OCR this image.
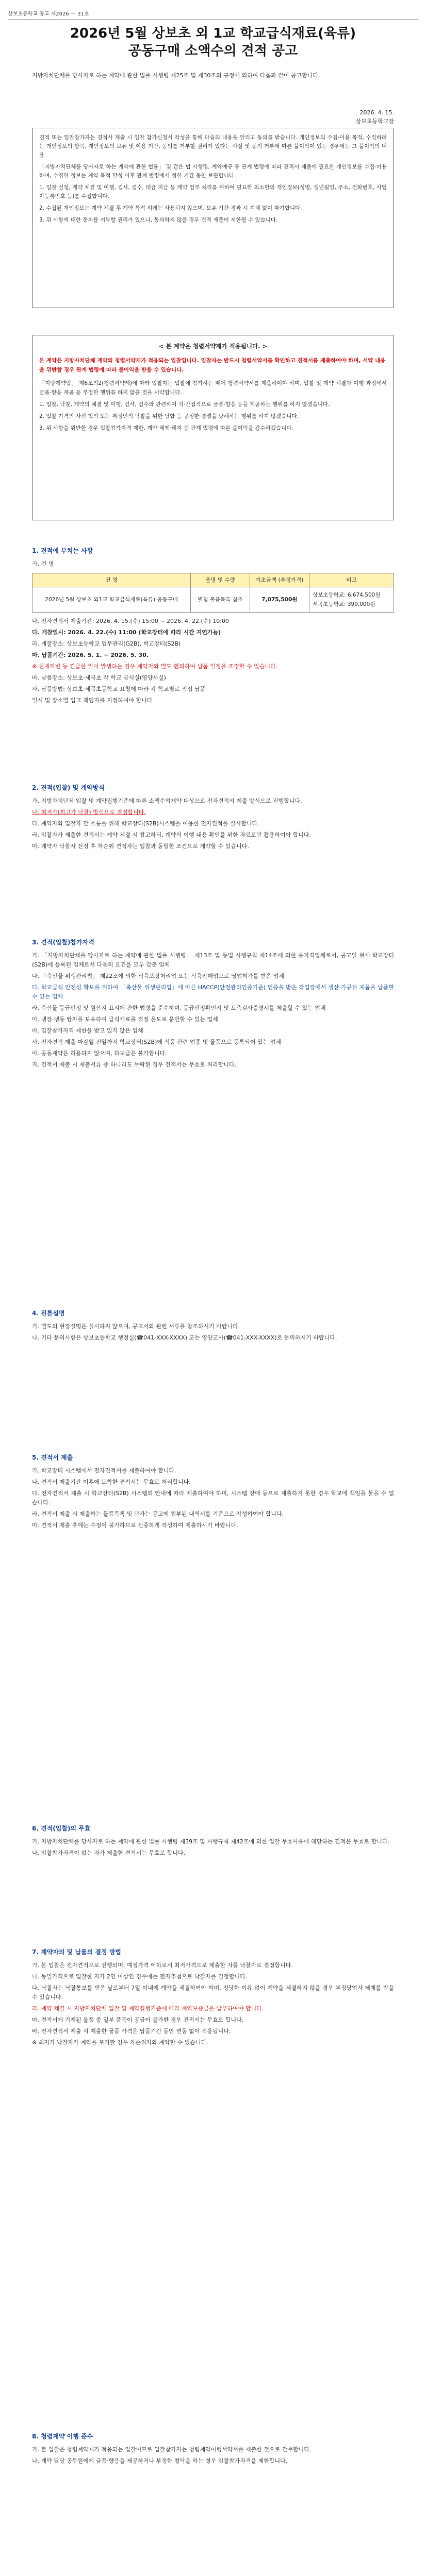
상보초등학교 공고 제2026 － 31호
2026년 5월 상보초 외 1교 학교급식재료(육류)
공동구매 소액수의 견적 공고
지방자치단체를 당사자로 하는 계약에 관한 법률 시행령 제25조 및 제30조의 규정에 의하여 다음과 같이 공고합니다.
2026. 4. 15.
상보초등학교장

견적 또는 입찰참가자는 견적서 제출 시 입찰 참가신청서 작성을 통해 다음의 내용을 알리고 동의를 받습니다. 개인정보의 수집·이용 목적, 수집하려는 개인정보의 항목, 개인정보의 보유 및 이용 기간, 동의를 거부할 권리가 있다는 사실 및 동의 거부에 따른 불이익이 있는 경우에는 그 불이익의 내용

「지방자치단체를 당사자로 하는 계약에 관한 법률」 및 같은 법 시행령, 계약예규 등 관계 법령에 따라 견적서 제출에 필요한 개인정보를 수집·이용하며, 수집한 정보는 계약 목적 달성 이후 관계 법령에서 정한 기간 동안 보관합니다.

1. 입찰 신청, 계약 체결 및 이행, 검사, 검수, 대금 지급 등 계약 업무 처리를 위하여 필요한 최소한의 개인정보(성명, 생년월일, 주소, 전화번호, 사업자등록번호 등)를 수집합니다.

2. 수집된 개인정보는 계약 체결 후 계약 목적 외에는 사용되지 않으며, 보유 기간 경과 시 지체 없이 파기합니다.

3. 위 사항에 대한 동의를 거부할 권리가 있으나, 동의하지 않을 경우 견적 제출이 제한될 수 있습니다.

< 본 계약은 청렴서약제가 적용됩니다. >
본 계약은 지방자치단체 계약의 청렴서약제가 적용되는 입찰입니다. 입찰자는 반드시 청렴서약서를 확인하고 견적서를 제출하여야 하며, 서약 내용을 위반할 경우 관계 법령에 따라 불이익을 받을 수 있습니다.

「지방계약법」 제6조의2(청렴서약제)에 따라 입찰자는 입찰에 참가하는 때에 청렴서약서를 제출하여야 하며, 입찰 및 계약 체결과 이행 과정에서 금품·향응 제공 등 부정한 행위를 하지 않을 것을 서약합니다.

1. 입찰, 낙찰, 계약의 체결 및 이행, 검사, 검수와 관련하여 직·간접적으로 금품·향응 등을 제공하는 행위를 하지 않겠습니다.

2. 입찰 가격의 사전 협의 또는 특정인의 낙찰을 위한 담합 등 공정한 경쟁을 방해하는 행위를 하지 않겠습니다.

3. 위 사항을 위반한 경우 입찰참가자격 제한, 계약 해제·해지 등 관계 법령에 따른 불이익을 감수하겠습니다.

1. 견적에 부치는 사항

가. 건 명

건 명	품명 및 수량	기초금액 (추정가격)	비고
2026년 5월 상보초 외1교 학교급식재료(육류) 공동구매	별첨 물품목록 참조	7,075,500원	상보초등학교: 6,674,500원
세곡초등학교: 399,000원

나. 전자견적서 제출기간: 2026. 4. 15.(수) 15:00 ~ 2026. 4. 22.(수) 10:00

다. 개찰일시: 2026. 4. 22.(수) 11:00 (학교장터에 따라 시간 지연가능)

라. 개찰장소: 상보초등학교 업무관리(G2B), 학교장터(S2B)

마. 납품기간: 2026. 5. 1. ~ 2026. 5. 30.

※ 천재지변 등 긴급한 일이 발생하는 경우 계약자와 별도 협의하여 납품 일정을 조정할 수 있습니다.

바. 납품장소: 상보초·세곡초 각 학교 급식실(영양사실)

사. 납품방법: 상보초·세곡초등학교 요청에 따라 각 학교별로 직접 납품

일시 및 장소별 입고 책임자를 지정하여야 합니다

2. 견적(입찰) 및 계약방식

가. 지방자치단체 입찰 및 계약집행기준에 따른 소액수의계약 대상으로 전자견적서 제출 방식으로 진행합니다.

나. 최저가(최고가 낙찰) 방식으로 결정합니다.

다. 계약자와 입찰자 간 소통을 위해 학교장터(S2B)시스템을 이용한 전자견적을 실시합니다.

라. 입찰자가 제출한 견적서는 계약 체결 시 참고하되, 계약의 이행 내용 확인을 위한 자료로만 활용하여야 합니다.

마. 계약자 낙찰자 선정 후 차순위 견적자는 입찰과 동일한 조건으로 계약할 수 있습니다.

3. 견적(입찰)참가자격

가. 「지방자치단체를 당사자로 하는 계약에 관한 법률 시행령」 제13조 및 동법 시행규칙 제14조에 의한 유자격업체로서, 공고일 현재 학교장터(S2B)에 등록된 업체로서 다음의 요건을 모두 갖춘 업체

나. 「축산물 위생관리법」 제22조에 의한 식육포장처리업 또는 식육판매업으로 영업허가를 받은 업체

다. 학교급식 안전성 확보를 위하여 「축산물 위생관리법」에 따른 HACCP(안전관리인증기준) 인증을 받은 작업장에서 생산·가공된 제품을 납품할 수 있는 업체

라. 축산물 등급판정 및 원산지 표시에 관한 법령을 준수하며, 등급판정확인서 및 도축검사증명서를 제출할 수 있는 업체

마. 냉장·냉동 탑차를 보유하여 급식재료를 적정 온도로 운반할 수 있는 업체

바. 입찰참가자격 제한을 받고 있지 않은 업체

사. 전자견적 제출 마감일 전일까지 학교장터(S2B)에 식품 관련 업종 및 물품으로 등록되어 있는 업체

아. 공동계약은 허용하지 않으며, 하도급은 불가합니다.

자. 견적서 제출 시 제출서류 중 하나라도 누락된 경우 견적서는 무효로 처리합니다.

4. 원를설명

가. 별도의 현장설명은 실시하지 않으며, 공고서와 관련 서류를 참조하시기 바랍니다.

나. 기타 문의사항은 상보초등학교 행정실(☎041-XXX-XXXX) 또는 영양교사(☎041-XXX-XXXX)로 문의하시기 바랍니다.

5. 견적서 제출

가. 학교장터 시스템에서 전자견적서를 제출하여야 합니다.

나. 견적서 제출기간 이후에 도착한 견적서는 무효로 처리합니다.

다. 전자견적서 제출 시 학교장터(S2B) 시스템의 안내에 따라 제출하여야 하며, 시스템 장애 등으로 제출하지 못한 경우 학교에 책임을 물을 수 없습니다.

라. 견적서 제출 시 제출하는 물품목록 및 단가는 공고에 첨부된 내역서를 기준으로 작성하여야 합니다.

마. 견적서 제출 후에는 수정이 불가하므로 신중하게 작성하여 제출하시기 바랍니다.

6. 견적(입찰)의 무효

가. 지방자치단체를 당사자로 하는 계약에 관한 법률 시행령 제39조 및 시행규칙 제42조에 의한 입찰 무효사유에 해당하는 견적은 무효로 합니다.

나. 입찰참가자격이 없는 자가 제출한 견적서는 무효로 합니다.

7. 계약자의 및 납품의 결정 방법

가. 본 입찰은 전자견적으로 진행되며, 예정가격 이하로서 최저가격으로 제출한 자를 낙찰자로 결정합니다.

나. 동일가격으로 입찰한 자가 2인 이상인 경우에는 전자추첨으로 낙찰자를 결정합니다.

다. 낙찰자는 낙찰통보를 받은 날로부터 7일 이내에 계약을 체결하여야 하며, 정당한 이유 없이 계약을 체결하지 않을 경우 부정당업자 제재를 받을 수 있습니다.

라. 계약 체결 시 지방자치단체 입찰 및 계약집행기준에 따라 계약보증금을 납부하여야 합니다.

마. 견적서에 기재된 물품 중 일부 품목이 공급이 불가한 경우 견적서는 무효로 합니다.

바. 전자견적서 제출 시 제출한 물품 가격은 납품기간 동안 변동 없이 적용됩니다.

※ 최저가 낙찰자가 계약을 포기할 경우 차순위자와 계약할 수 있습니다.

8. 청렴계약 이행 준수

가. 본 입찰은 청렴계약제가 적용되는 입찰이므로 입찰참가자는 청렴계약이행서약서를 제출한 것으로 간주합니다.

나. 계약 담당 공무원에게 금품·향응을 제공하거나 부정한 청탁을 하는 경우 입찰참가자격을 제한합니다.
